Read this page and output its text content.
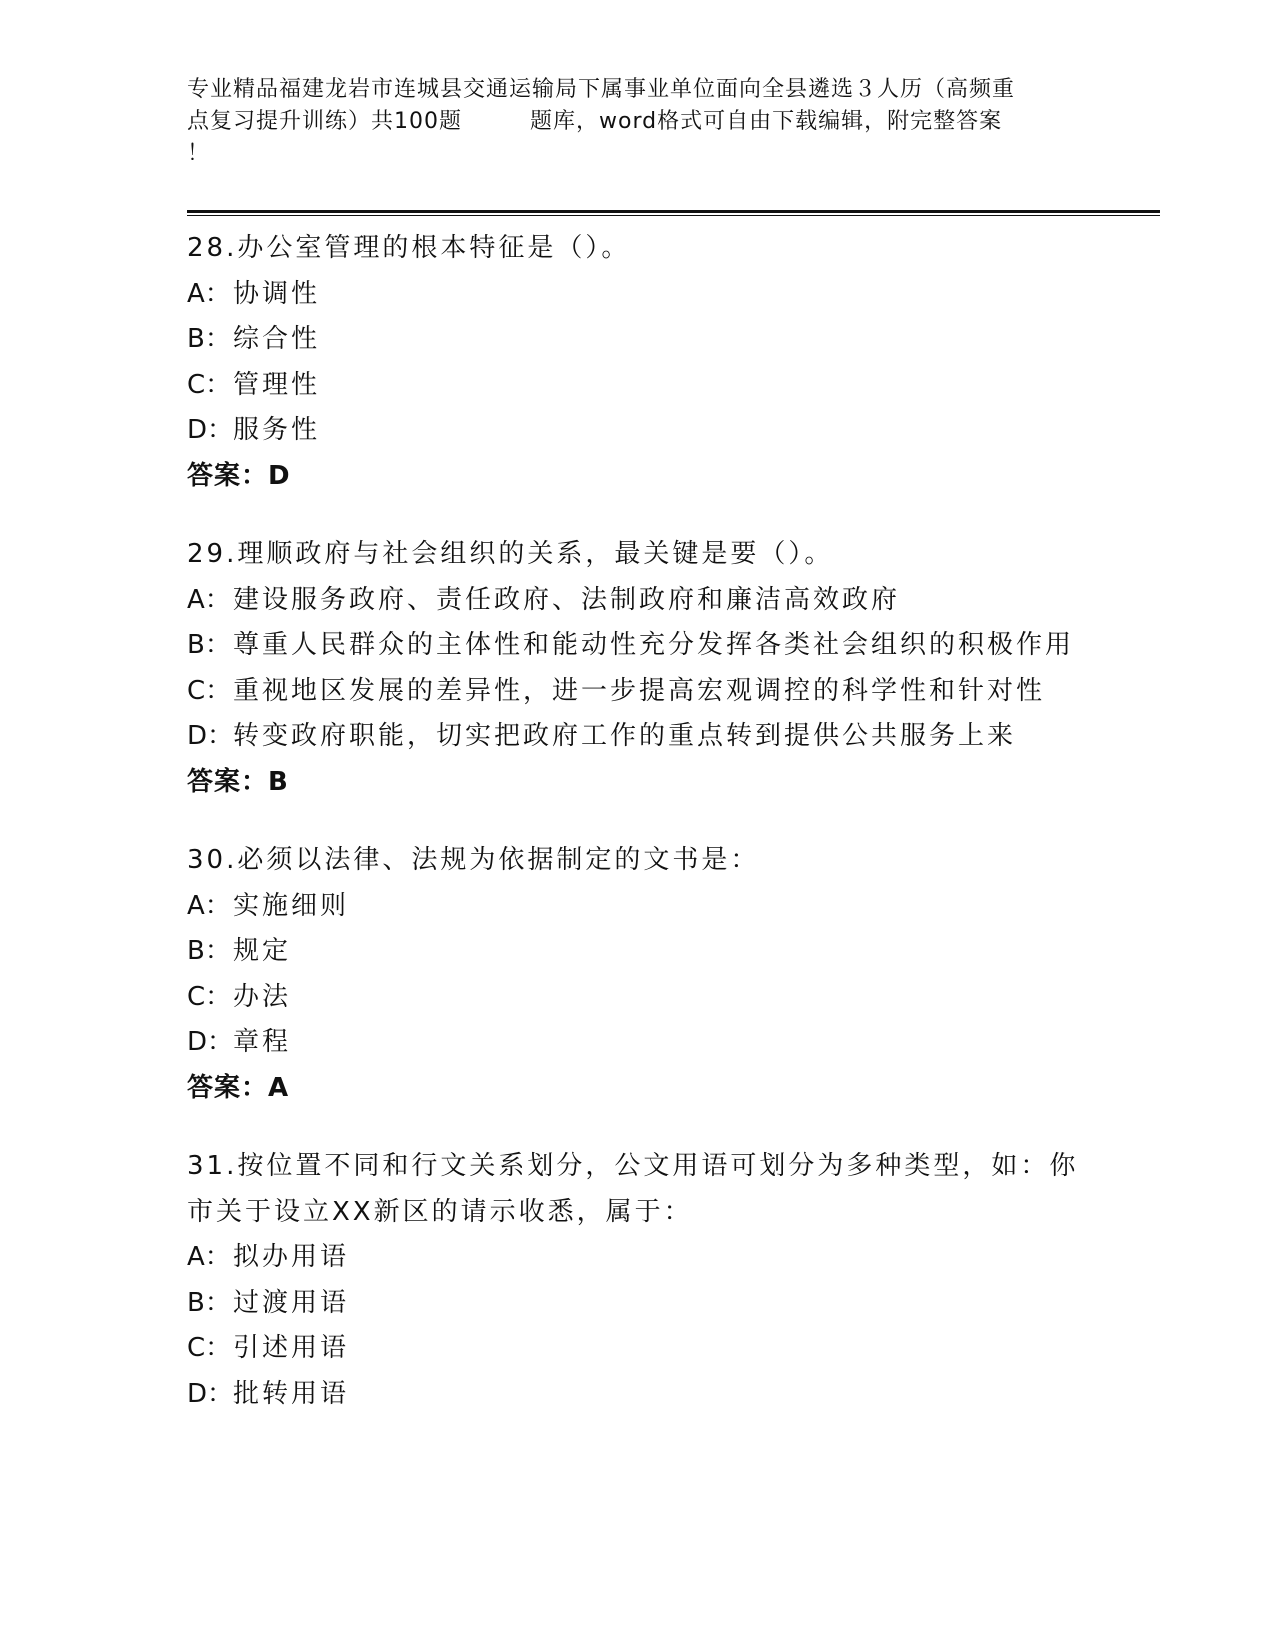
专业精品福建龙岩市连城县交通运输局下属事业单位面向全县遴选３人历（高频重
点复习提升训练）共100题	题库，word格式可自由下载编辑，附完整答案
！
28.办公室管理的根本特征是（）。
A：协调性
B：综合性
C：管理性
D：服务性
答案：D
29.理顺政府与社会组织的关系，最关键是要（）。
A：建设服务政府、责任政府、法制政府和廉洁高效政府
B：尊重人民群众的主体性和能动性充分发挥各类社会组织的积极作用
C：重视地区发展的差异性，进一步提高宏观调控的科学性和针对性
D：转变政府职能，切实把政府工作的重点转到提供公共服务上来
答案：B
30.必须以法律、法规为依据制定的文书是：
A：实施细则
B：规定
C：办法
D：章程
答案：A
31.按位置不同和行文关系划分，公文用语可划分为多种类型，如：你
市关于设立XX新区的请示收悉，属于：
A：拟办用语
B：过渡用语
C：引述用语
D：批转用语
